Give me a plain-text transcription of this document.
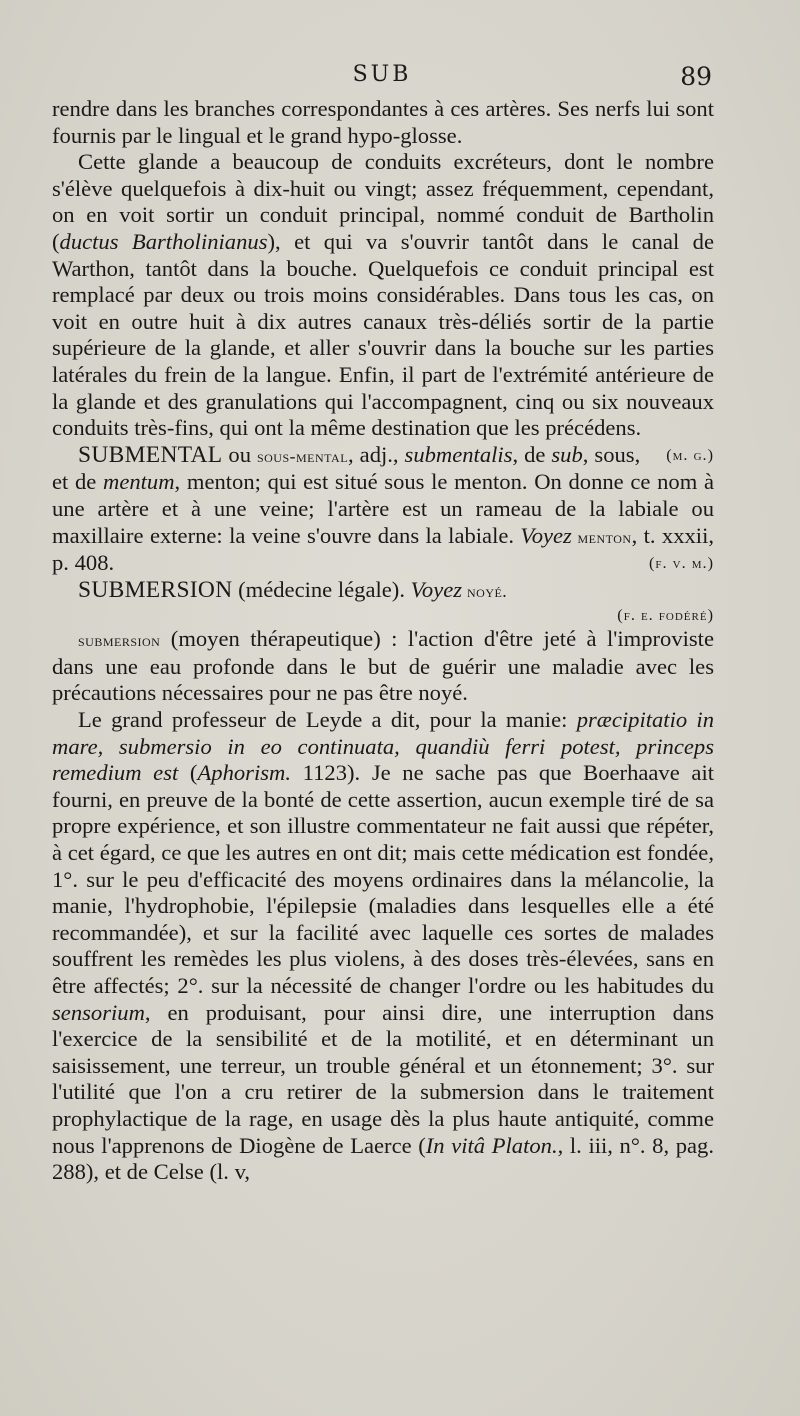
SUB	89

rendre dans les branches correspondantes à ces artères. Ses nerfs lui sont fournis par le lingual et le grand hypo-glosse.

Cette glande a beaucoup de conduits excréteurs, dont le nombre s'élève quelquefois à dix-huit ou vingt; assez fréquemment, cependant, on en voit sortir un conduit principal, nommé conduit de Bartholin (ductus Bartholinianus), et qui va s'ouvrir tantôt dans le canal de Warthon, tantôt dans la bouche. Quelquefois ce conduit principal est remplacé par deux ou trois moins considérables. Dans tous les cas, on voit en outre huit à dix autres canaux très-déliés sortir de la partie supérieure de la glande, et aller s'ouvrir dans la bouche sur les parties latérales du frein de la langue. Enfin, il part de l'extrémité antérieure de la glande et des granulations qui l'accompagnent, cinq ou six nouveaux conduits très-fins, qui ont la même destination que les précédens.
(m. g.)

SUBMENTAL ou sous-mental, adj., submentalis, de sub, sous, et de mentum, menton; qui est situé sous le menton. On donne ce nom à une artère et à une veine; l'artère est un rameau de la labiale ou maxillaire externe: la veine s'ouvre dans la labiale. Voyez menton, t. xxxii, p. 408.	(f. v. m.)

SUBMERSION (médecine légale). Voyez noyé.

(f. e. fodéré)

submersion (moyen thérapeutique) : l'action d'être jeté à l'improviste dans une eau profonde dans le but de guérir une maladie avec les précautions nécessaires pour ne pas être noyé.

Le grand professeur de Leyde a dit, pour la manie: præcipitatio in mare, submersio in eo continuata, quandiù ferri potest, princeps remedium est (Aphorism. 1123). Je ne sache pas que Boerhaave ait fourni, en preuve de la bonté de cette assertion, aucun exemple tiré de sa propre expérience, et son illustre commentateur ne fait aussi que répéter, à cet égard, ce que les autres en ont dit; mais cette médication est fondée, 1°. sur le peu d'efficacité des moyens ordinaires dans la mélancolie, la manie, l'hydrophobie, l'épilepsie (maladies dans lesquelles elle a été recommandée), et sur la facilité avec laquelle ces sortes de malades souffrent les remèdes les plus violens, à des doses très-élevées, sans en être affectés; 2°. sur la nécessité de changer l'ordre ou les habitudes du sensorium, en produisant, pour ainsi dire, une interruption dans l'exercice de la sensibilité et de la motilité, et en déterminant un saisissement, une terreur, un trouble général et un étonnement; 3°. sur l'utilité que l'on a cru retirer de la submersion dans le traitement prophylactique de la rage, en usage dès la plus haute antiquité, comme nous l'apprenons de Diogène de Laerce (In vitâ Platon., l. iii, n°. 8, pag. 288), et de Celse (l. v,
